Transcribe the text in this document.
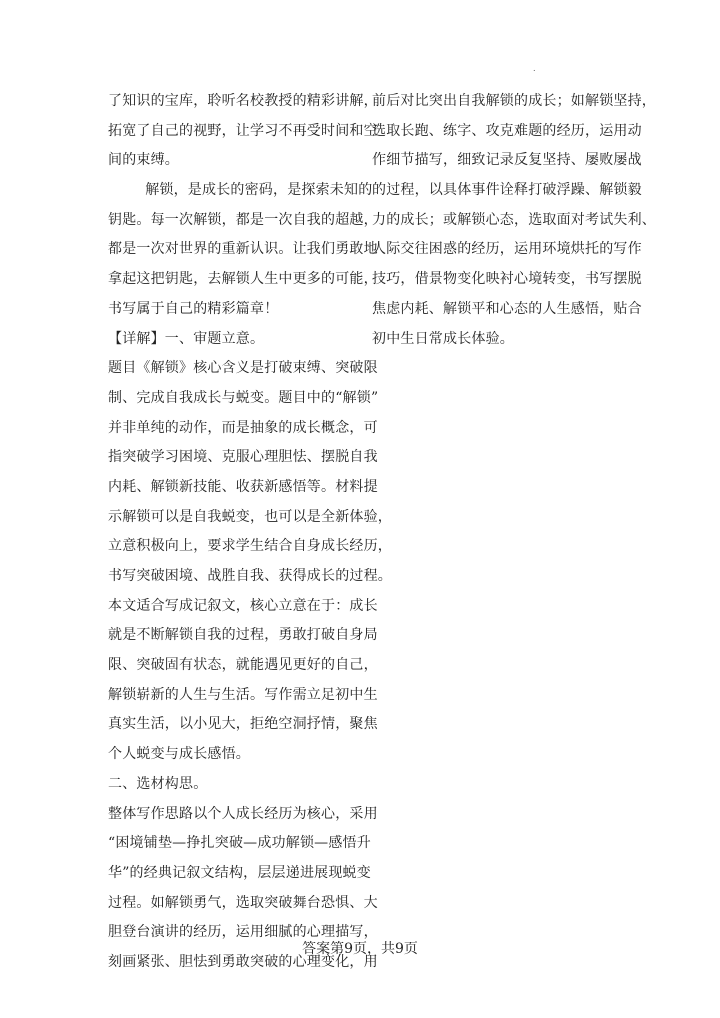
.
了知识的宝库，聆听名校教授的精彩讲解，
拓宽了自己的视野，让学习不再受时间和空
间的束缚。
解锁，是成长的密码，是探索未知的
钥匙。每一次解锁，都是一次自我的超越，
都是一次对世界的重新认识。让我们勇敢地
拿起这把钥匙，去解锁人生中更多的可能，
书写属于自己的精彩篇章！
【详解】一、审题立意。
题目《解锁》核心含义是打破束缚、突破限
制、完成自我成长与蜕变。题目中的“解锁”
并非单纯的动作，而是抽象的成长概念，可
指突破学习困境、克服心理胆怯、摆脱自我
内耗、解锁新技能、收获新感悟等。材料提
示解锁可以是自我蜕变，也可以是全新体验，
立意积极向上，要求学生结合自身成长经历，
书写突破困境、战胜自我、获得成长的过程。
本文适合写成记叙文，核心立意在于：成长
就是不断解锁自我的过程，勇敢打破自身局
限、突破固有状态，就能遇见更好的自己，
解锁崭新的人生与生活。写作需立足初中生
真实生活，以小见大，拒绝空洞抒情，聚焦
个人蜕变与成长感悟。
二、选材构思。
整体写作思路以个人成长经历为核心，采用
“困境铺垫—挣扎突破—成功解锁—感悟升
华”的经典记叙文结构，层层递进展现蜕变
过程。如解锁勇气，选取突破舞台恐惧、大
胆登台演讲的经历，运用细腻的心理描写，
刻画紧张、胆怯到勇敢突破的心理变化，用
前后对比突出自我解锁的成长；如解锁坚持，
选取长跑、练字、攻克难题的经历，运用动
作细节描写，细致记录反复坚持、屡败屡战
的过程，以具体事件诠释打破浮躁、解锁毅
力的成长；或解锁心态，选取面对考试失利、
人际交往困惑的经历，运用环境烘托的写作
技巧，借景物变化映衬心境转变，书写摆脱
焦虑内耗、解锁平和心态的人生感悟，贴合
初中生日常成长体验。
答案第9页，共9页
